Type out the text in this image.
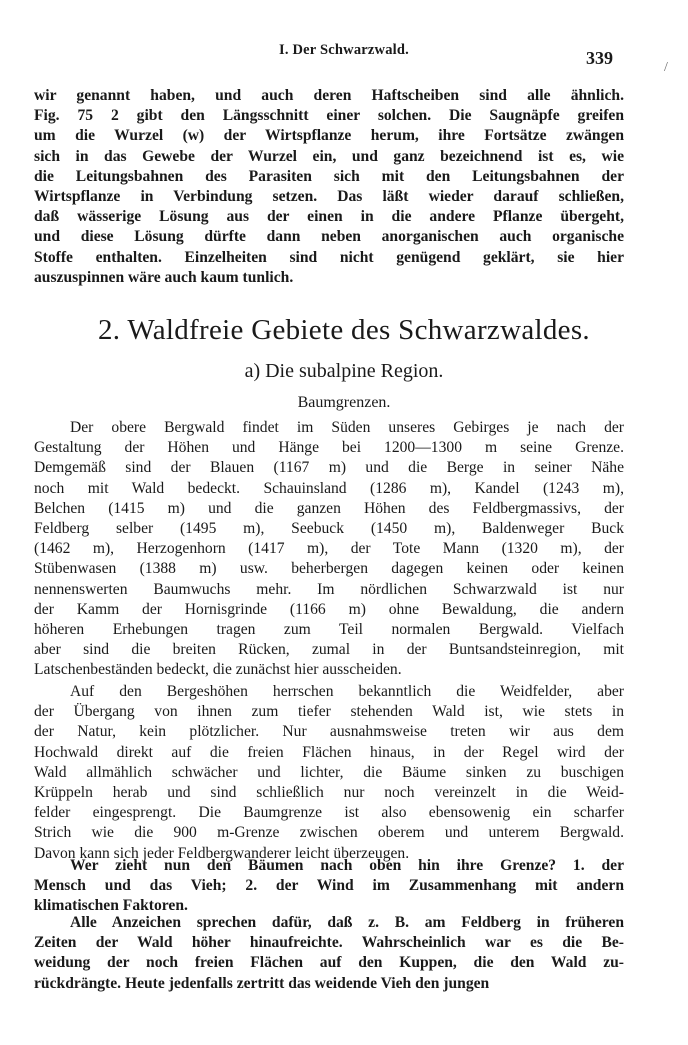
I. Der Schwarzwald.	339	/
wir genannt haben, und auch deren Haftscheiben sind alle ähnlich.
Fig. 75 2 gibt den Längsschnitt einer solchen. Die Saugnäpfe greifen
um die Wurzel (w) der Wirtspflanze herum, ihre Fortsätze zwängen
sich in das Gewebe der Wurzel ein, und ganz bezeichnend ist es, wie
die Leitungsbahnen des Parasiten sich mit den Leitungsbahnen der
Wirtspflanze in Verbindung setzen. Das läßt wieder darauf schließen,
daß wässerige Lösung aus der einen in die andere Pflanze übergeht,
und diese Lösung dürfte dann neben anorganischen auch organische
Stoffe enthalten. Einzelheiten sind nicht genügend geklärt, sie hier
auszuspinnen wäre auch kaum tunlich.
2. Waldfreie Gebiete des Schwarzwaldes.
a) Die subalpine Region.
Baumgrenzen.
Der obere Bergwald findet im Süden unseres Gebirges je nach der
Gestaltung der Höhen und Hänge bei 1200—1300 m seine Grenze.
Demgemäß sind der Blauen (1167 m) und die Berge in seiner Nähe
noch mit Wald bedeckt. Schauinsland (1286 m), Kandel (1243 m),
Belchen (1415 m) und die ganzen Höhen des Feldbergmassivs, der
Feldberg selber (1495 m), Seebuck (1450 m), Baldenweger Buck
(1462 m), Herzogenhorn (1417 m), der Tote Mann (1320 m), der
Stübenwasen (1388 m) usw. beherbergen dagegen keinen oder keinen
nennenswerten Baumwuchs mehr. Im nördlichen Schwarzwald ist nur
der Kamm der Hornisgrinde (1166 m) ohne Bewaldung, die andern
höheren Erhebungen tragen zum Teil normalen Bergwald. Vielfach
aber sind die breiten Rücken, zumal in der Buntsandsteinregion, mit
Latschenbeständen bedeckt, die zunächst hier ausscheiden.
Auf den Bergeshöhen herrschen bekanntlich die Weidfelder, aber
der Übergang von ihnen zum tiefer stehenden Wald ist, wie stets in
der Natur, kein plötzlicher. Nur ausnahmsweise treten wir aus dem
Hochwald direkt auf die freien Flächen hinaus, in der Regel wird der
Wald allmählich schwächer und lichter, die Bäume sinken zu buschigen
Krüppeln herab und sind schließlich nur noch vereinzelt in die Weid-
felder eingesprengt. Die Baumgrenze ist also ebensowenig ein scharfer
Strich wie die 900 m-Grenze zwischen oberem und unterem Bergwald.
Davon kann sich jeder Feldbergwanderer leicht überzeugen.
Wer zieht nun den Bäumen nach oben hin ihre Grenze? 1. der
Mensch und das Vieh; 2. der Wind im Zusammenhang mit andern
klimatischen Faktoren.
Alle Anzeichen sprechen dafür, daß z. B. am Feldberg in früheren
Zeiten der Wald höher hinaufreichte. Wahrscheinlich war es die Be-
weidung der noch freien Flächen auf den Kuppen, die den Wald zu-
rückdrängte. Heute jedenfalls zertritt das weidende Vieh den jungen
